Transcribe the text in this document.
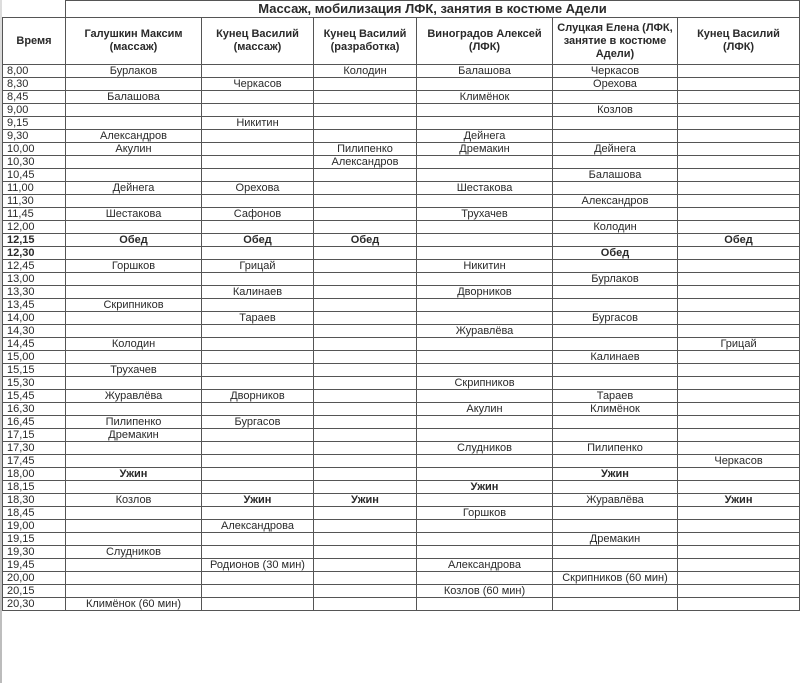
	Массаж, мобилизация ЛФК, занятия в костюме Адели					
Время	Галушкин Максим (массаж)	Кунец Василий (массаж)	Кунец Василий (разработка)	Виноградов Алексей (ЛФК)	Слуцкая Елена (ЛФК, занятие в костюме Адели)	Кунец Василий (ЛФК)
8,00	Бурлаков		Колодин	Балашова	Черкасов	
8,30		Черкасов			Орехова	
8,45	Балашова			Климёнок		
9,00					Козлов	
9,15		Никитин				
9,30	Александров			Дейнега		
10,00	Акулин		Пилипенко	Дремакин	Дейнега	
10,30			Александров			
10,45					Балашова	
11,00	Дейнега	Орехова		Шестакова		
11,30					Александров	
11,45	Шестакова	Сафонов		Трухачев		
12,00					Колодин	
12,15	Обед	Обед	Обед			Обед
12,30					Обед	
12,45	Горшков	Грицай		Никитин		
13,00					Бурлаков	
13,30		Калинаев		Дворников		
13,45	Скрипников					
14,00		Тараев			Бургасов	
14,30				Журавлёва		
14,45	Колодин					Грицай
15,00					Калинаев	
15,15	Трухачев					
15,30				Скрипников		
15,45	Журавлёва	Дворников			Тараев	
16,30				Акулин	Климёнок	
16,45	Пилипенко	Бургасов				
17,15	Дремакин					
17,30				Слудников	Пилипенко	
17,45						Черкасов
18,00	Ужин				Ужин	
18,15				Ужин		
18,30	Козлов	Ужин	Ужин		Журавлёва	Ужин
18,45				Горшков		
19,00		Александрова				
19,15					Дремакин	
19,30	Слудников					
19,45		Родионов (30 мин)		Александрова		
20,00					Скрипников (60 мин)	
20,15				Козлов (60 мин)		
20,30	Климёнок (60 мин)					
